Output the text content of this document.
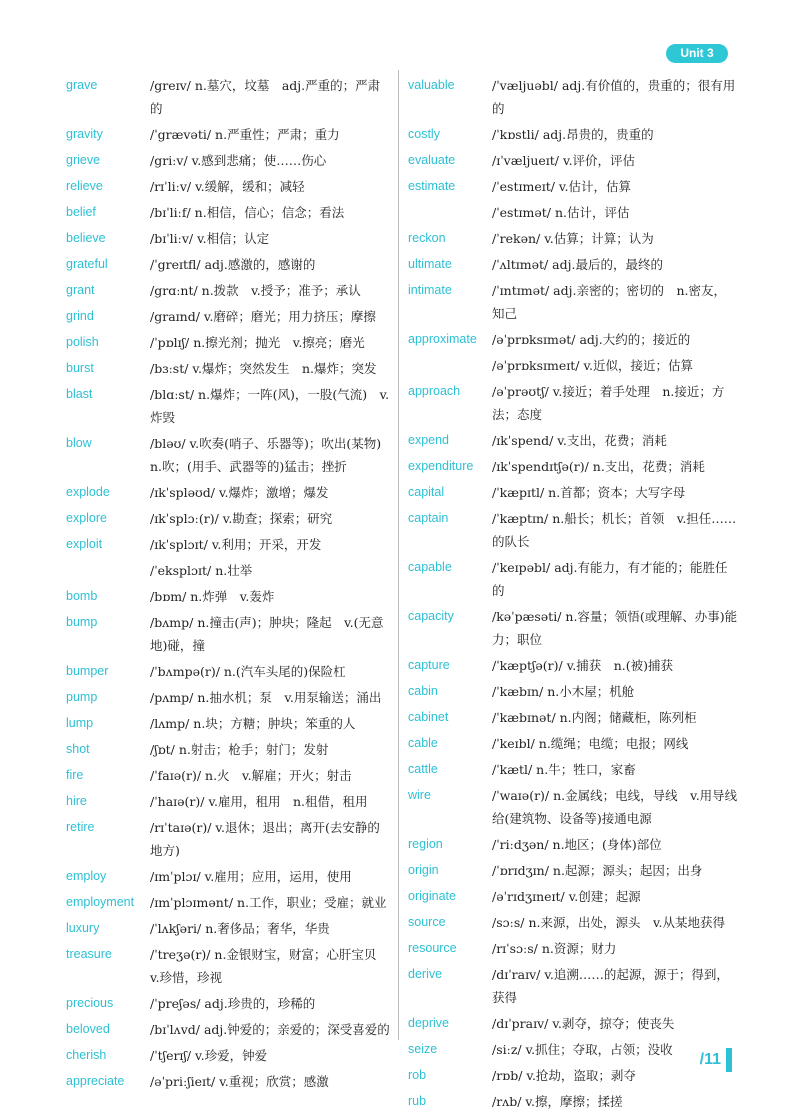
Unit 3
grave	/greɪv/ n.墓穴，坟墓　adj.严重的；严肃的
gravity	/ˈgrævəti/ n.严重性；严肃；重力
grieve	/griːv/ v.感到悲痛；使……伤心
relieve	/rɪˈliːv/ v.缓解，缓和；减轻
belief	/bɪˈliːf/ n.相信，信心；信念；看法
believe	/bɪˈliːv/ v.相信；认定
grateful	/ˈgreɪtfl/ adj.感激的，感谢的
grant	/grɑːnt/ n.拨款　v.授予；准予；承认
grind	/graɪnd/ v.磨碎；磨光；用力挤压；摩擦
polish	/ˈpɒlɪʃ/ n.擦光剂；抛光　v.擦亮；磨光
burst	/bɜːst/ v.爆炸；突然发生　n.爆炸；突发
blast	/blɑːst/ n.爆炸；一阵(风)，一股(气流)　v.炸毁
blow	/bləʊ/ v.吹奏(哨子、乐器等)；吹出(某物)　n.吹；(用手、武器等的)猛击；挫折
explode	/ɪkˈspləʊd/ v.爆炸；激增；爆发
explore	/ɪkˈsplɔː(r)/ v.勘查；探索；研究
exploit	/ɪkˈsplɔɪt/ v.利用；开采，开发
/ˈeksplɔɪt/ n.壮举
bomb	/bɒm/ n.炸弹　v.轰炸
bump	/bʌmp/ n.撞击(声)；肿块；隆起　v.(无意地)碰，撞
bumper	/ˈbʌmpə(r)/ n.(汽车头尾的)保险杠
pump	/pʌmp/ n.抽水机；泵　v.用泵输送；涌出
lump	/lʌmp/ n.块；方糖；肿块；笨重的人
shot	/ʃɒt/ n.射击；枪手；射门；发射
fire	/ˈfaɪə(r)/ n.火　v.解雇；开火；射击
hire	/ˈhaɪə(r)/ v.雇用，租用　n.租借，租用
retire	/rɪˈtaɪə(r)/ v.退休；退出；离开(去安静的地方)
employ	/ɪmˈplɔɪ/ v.雇用；应用，运用，使用
employment	/ɪmˈplɔɪmənt/ n.工作，职业；受雇；就业
luxury	/ˈlʌkʃəri/ n.奢侈品；奢华，华贵
treasure	/ˈtreʒə(r)/ n.金银财宝，财富；心肝宝贝　v.珍惜，珍视
precious	/ˈpreʃəs/ adj.珍贵的，珍稀的
beloved	/bɪˈlʌvd/ adj.钟爱的；亲爱的；深受喜爱的
cherish	/ˈtʃerɪʃ/ v.珍爱，钟爱
appreciate	/əˈpriːʃieɪt/ v.重视；欣赏；感激
valuable	/ˈvæljuəbl/ adj.有价值的，贵重的；很有用的
costly	/ˈkɒstli/ adj.昂贵的，贵重的
evaluate	/ɪˈvæljueɪt/ v.评价，评估
estimate	/ˈestɪmeɪt/ v.估计，估算
/ˈestɪmət/ n.估计，评估
reckon	/ˈrekən/ v.估算；计算；认为
ultimate	/ˈʌltɪmət/ adj.最后的，最终的
intimate	/ˈɪntɪmət/ adj.亲密的；密切的　n.密友，知己
approximate	/əˈprɒksɪmət/ adj.大约的；接近的
/əˈprɒksɪmeɪt/ v.近似，接近；估算
approach	/əˈprəʊtʃ/ v.接近；着手处理　n.接近；方法；态度
expend	/ɪkˈspend/ v.支出，花费；消耗
expenditure	/ɪkˈspendɪtʃə(r)/ n.支出，花费；消耗
capital	/ˈkæpɪtl/ n.首都；资本；大写字母
captain	/ˈkæptɪn/ n.船长；机长；首领　v.担任……的队长
capable	/ˈkeɪpəbl/ adj.有能力，有才能的；能胜任的
capacity	/kəˈpæsəti/ n.容量；领悟(或理解、办事)能力；职位
capture	/ˈkæptʃə(r)/ v.捕获　n.(被)捕获
cabin	/ˈkæbɪn/ n.小木屋；机舱
cabinet	/ˈkæbɪnət/ n.内阁；储藏柜，陈列柜
cable	/ˈkeɪbl/ n.缆绳；电缆；电报；网线
cattle	/ˈkætl/ n.牛；牲口，家畜
wire	/ˈwaɪə(r)/ n.金属线；电线，导线　v.用导线给(建筑物、设备等)接通电源
region	/ˈriːdʒən/ n.地区；(身体)部位
origin	/ˈɒrɪdʒɪn/ n.起源；源头；起因；出身
originate	/əˈrɪdʒɪneɪt/ v.创建；起源
source	/sɔːs/ n.来源，出处，源头　v.从某地获得
resource	/rɪˈsɔːs/ n.资源；财力
derive	/dɪˈraɪv/ v.追溯……的起源，源于；得到，获得
deprive	/dɪˈpraɪv/ v.剥夺，掠夺；使丧失
seize	/siːz/ v.抓住；夺取，占领；没收
rob	/rɒb/ v.抢劫，盗取；剥夺
rub	/rʌb/ v.擦，摩擦；揉搓
/11
